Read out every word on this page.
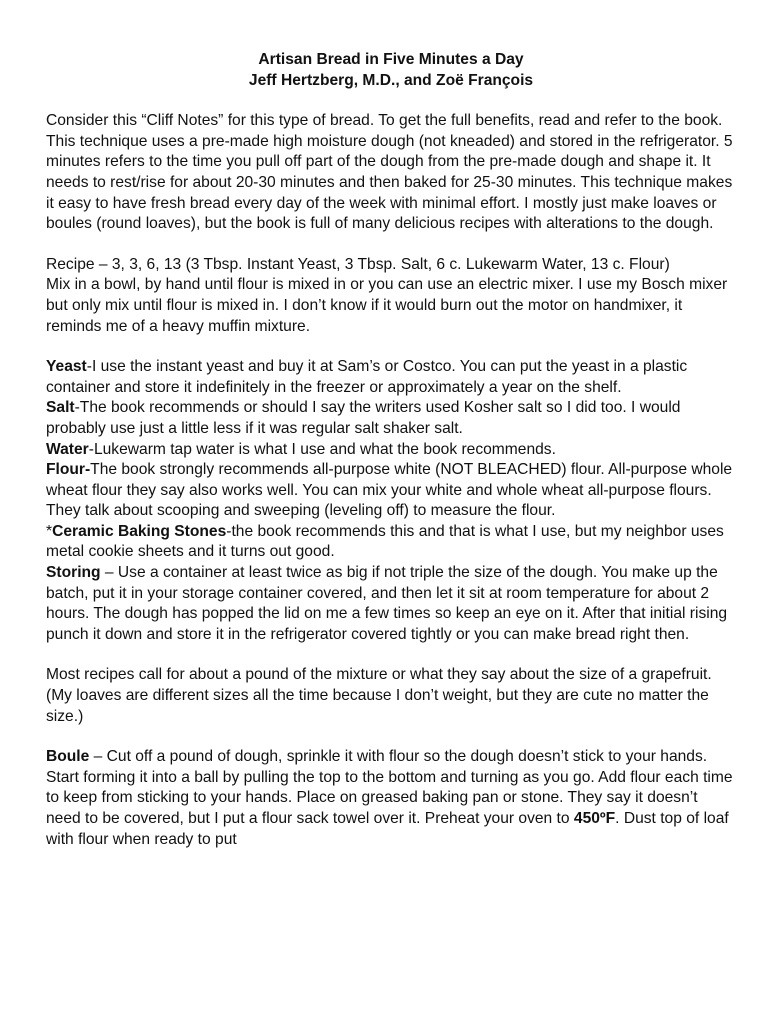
Artisan Bread in Five Minutes a Day
Jeff Hertzberg, M.D., and Zoë François

Consider this “Cliff Notes” for this type of bread. To get the full benefits, read and refer to the book. This technique uses a pre-made high moisture dough (not kneaded) and stored in the refrigerator. 5 minutes refers to the time you pull off part of the dough from the pre-made dough and shape it. It needs to rest/rise for about 20-30 minutes and then baked for 25-30 minutes. This technique makes it easy to have fresh bread every day of the week with minimal effort. I mostly just make loaves or boules (round loaves), but the book is full of many delicious recipes with alterations to the dough.

Recipe – 3, 3, 6, 13 (3 Tbsp. Instant Yeast, 3 Tbsp. Salt, 6 c. Lukewarm Water, 13 c. Flour)

Mix in a bowl, by hand until flour is mixed in or you can use an electric mixer. I use my Bosch mixer but only mix until flour is mixed in. I don’t know if it would burn out the motor on handmixer, it reminds me of a heavy muffin mixture.

Yeast-I use the instant yeast and buy it at Sam’s or Costco. You can put the yeast in a plastic container and store it indefinitely in the freezer or approximately a year on the shelf.

Salt-The book recommends or should I say the writers used Kosher salt so I did too. I would probably use just a little less if it was regular salt shaker salt.

Water-Lukewarm tap water is what I use and what the book recommends.

Flour-The book strongly recommends all-purpose white (NOT BLEACHED) flour. All-purpose whole wheat flour they say also works well. You can mix your white and whole wheat all-purpose flours. They talk about scooping and sweeping (leveling off) to measure the flour.

*Ceramic Baking Stones-the book recommends this and that is what I use, but my neighbor uses metal cookie sheets and it turns out good.

Storing – Use a container at least twice as big if not triple the size of the dough. You make up the batch, put it in your storage container covered, and then let it sit at room temperature for about 2 hours. The dough has popped the lid on me a few times so keep an eye on it. After that initial rising punch it down and store it in the refrigerator covered tightly or you can make bread right then.

Most recipes call for about a pound of the mixture or what they say about the size of a grapefruit. (My loaves are different sizes all the time because I don’t weight, but they are cute no matter the size.)

Boule – Cut off a pound of dough, sprinkle it with flour so the dough doesn’t stick to your hands. Start forming it into a ball by pulling the top to the bottom and turning as you go. Add flour each time to keep from sticking to your hands. Place on greased baking pan or stone. They say it doesn’t need to be covered, but I put a flour sack towel over it. Preheat your oven to 450ºF. Dust top of loaf with flour when ready to put
